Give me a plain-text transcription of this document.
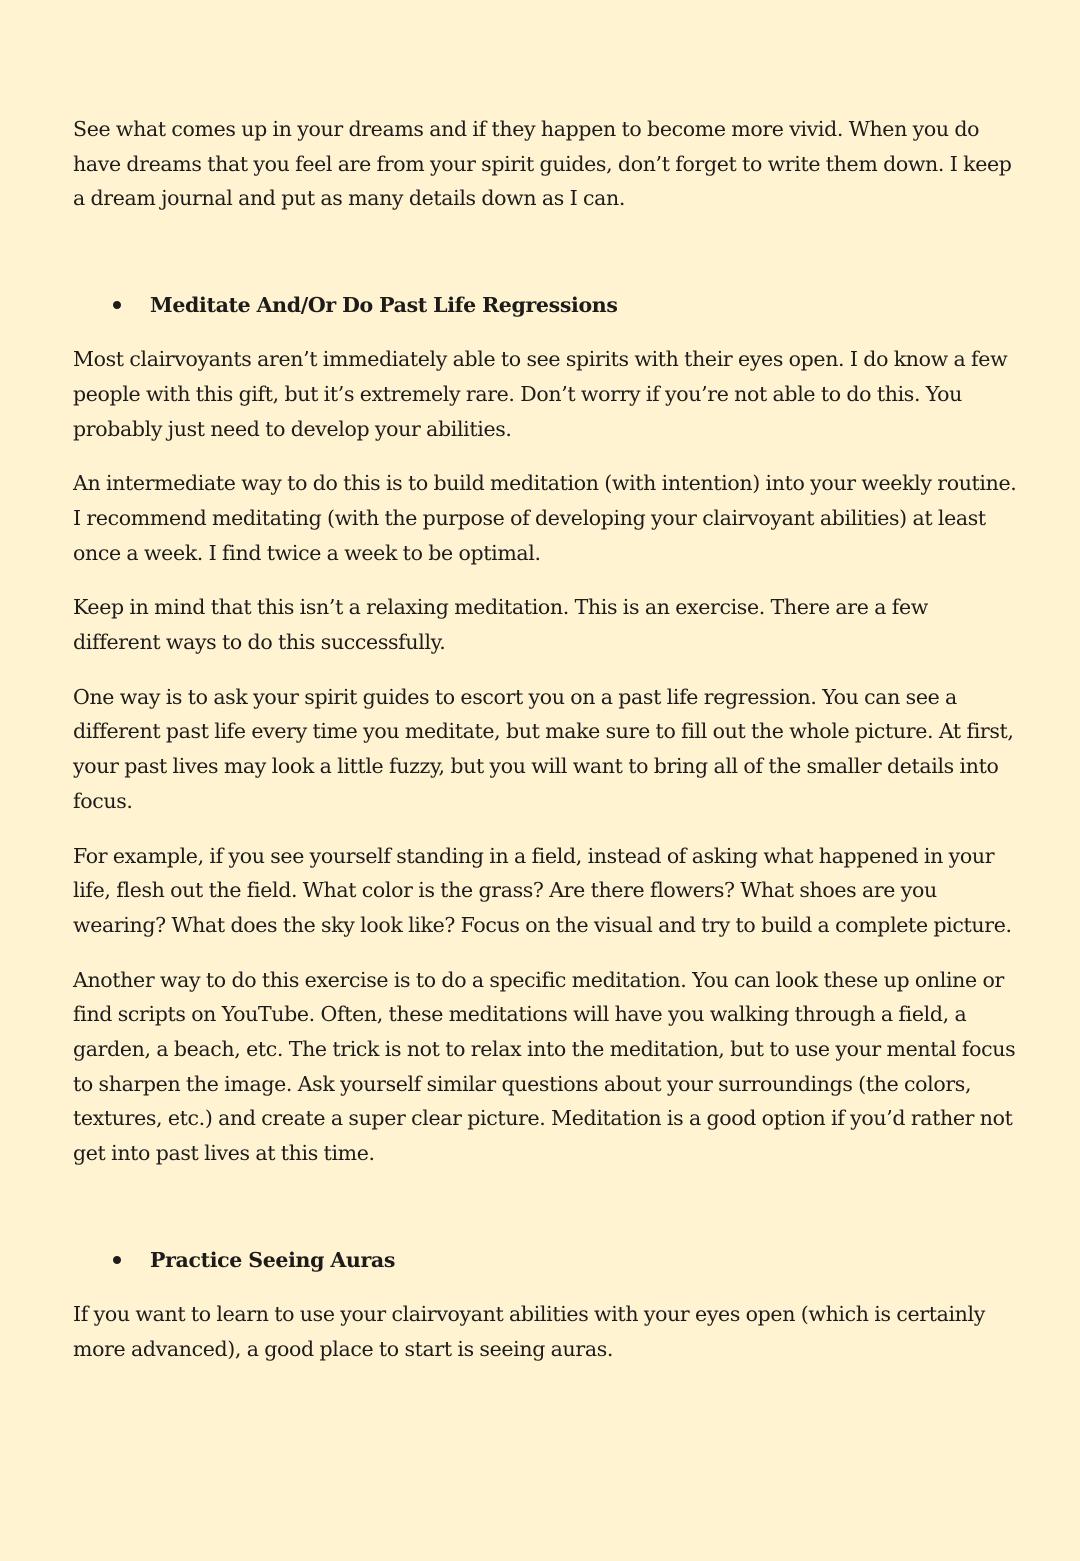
See what comes up in your dreams and if they happen to become more vivid. When you do have dreams that you feel are from your spirit guides, don’t forget to write them down. I keep a dream journal and put as many details down as I can.

Meditate And/Or Do Past Life Regressions

Most clairvoyants aren’t immediately able to see spirits with their eyes open. I do know a few people with this gift, but it’s extremely rare. Don’t worry if you’re not able to do this. You probably just need to develop your abilities.

An intermediate way to do this is to build meditation (with intention) into your weekly routine. I recommend meditating (with the purpose of developing your clairvoyant abilities) at least once a week. I find twice a week to be optimal.

Keep in mind that this isn’t a relaxing meditation. This is an exercise. There are a few different ways to do this successfully.

One way is to ask your spirit guides to escort you on a past life regression. You can see a different past life every time you meditate, but make sure to fill out the whole picture. At first, your past lives may look a little fuzzy, but you will want to bring all of the smaller details into focus.

For example, if you see yourself standing in a field, instead of asking what happened in your life, flesh out the field. What color is the grass? Are there flowers? What shoes are you wearing? What does the sky look like? Focus on the visual and try to build a complete picture.

Another way to do this exercise is to do a specific meditation. You can look these up online or find scripts on YouTube. Often, these meditations will have you walking through a field, a garden, a beach, etc. The trick is not to relax into the meditation, but to use your mental focus to sharpen the image. Ask yourself similar questions about your surroundings (the colors, textures, etc.) and create a super clear picture. Meditation is a good option if you’d rather not get into past lives at this time.

Practice Seeing Auras

If you want to learn to use your clairvoyant abilities with your eyes open (which is certainly more advanced), a good place to start is seeing auras.
